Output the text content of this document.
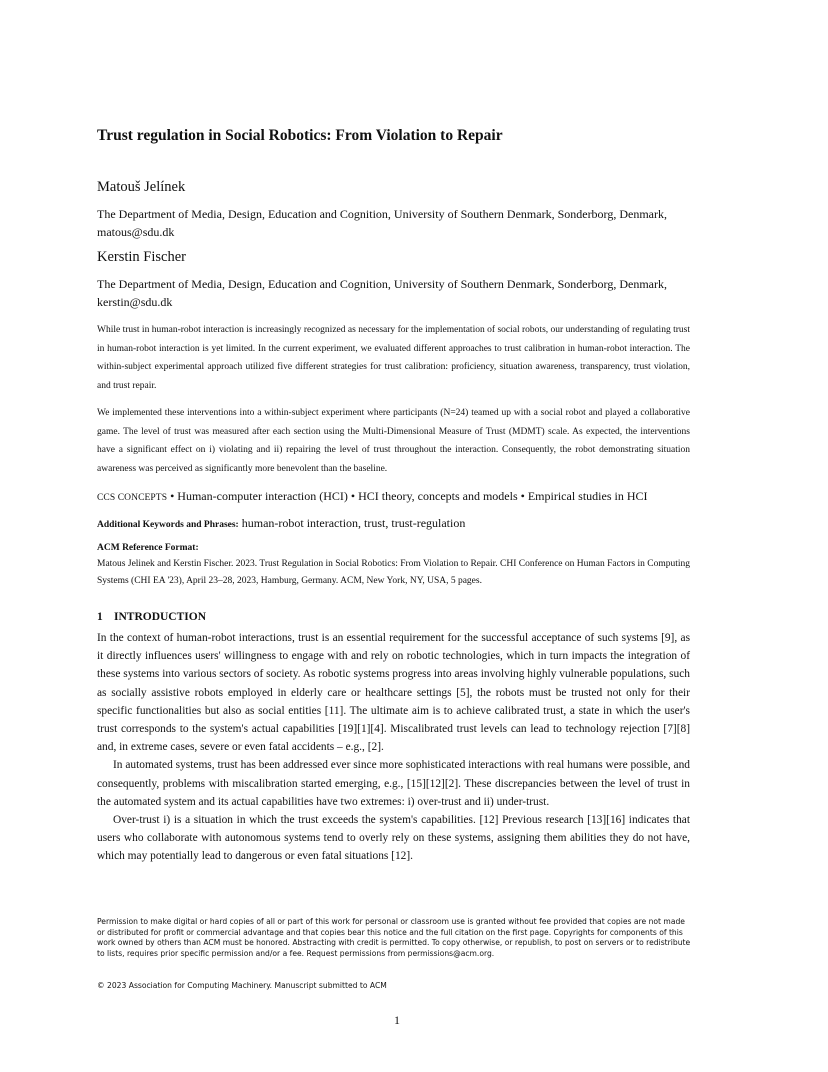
Trust regulation in Social Robotics: From Violation to Repair
Matouš Jelínek
The Department of Media, Design, Education and Cognition, University of Southern Denmark, Sonderborg, Denmark,
matous@sdu.dk
Kerstin Fischer
The Department of Media, Design, Education and Cognition, University of Southern Denmark, Sonderborg, Denmark,
kerstin@sdu.dk

While trust in human-robot interaction is increasingly recognized as necessary for the implementation of social robots, our understanding of regulating trust in human-robot interaction is yet limited. In the current experiment, we evaluated different approaches to trust calibration in human-robot interaction. The within-subject experimental approach utilized five different strategies for trust calibration: proficiency, situation awareness, transparency, trust violation, and trust repair.

We implemented these interventions into a within-subject experiment where participants (N=24) teamed up with a social robot and played a collaborative game. The level of trust was measured after each section using the Multi-Dimensional Measure of Trust (MDMT) scale. As expected, the interventions have a significant effect on i) violating and ii) repairing the level of trust throughout the interaction. Consequently, the robot demonstrating situation awareness was perceived as significantly more benevolent than the baseline.

CCS CONCEPTS • Human-computer interaction (HCI) • HCI theory, concepts and models • Empirical studies in HCI
Additional Keywords and Phrases: human-robot interaction, trust, trust-regulation
ACM Reference Format:
Matous Jelinek and Kerstin Fischer. 2023. Trust Regulation in Social Robotics: From Violation to Repair. CHI Conference on Human Factors in Computing Systems (CHI EA '23), April 23–28, 2023, Hamburg, Germany. ACM, New York, NY, USA, 5 pages.
1 INTRODUCTION

In the context of human-robot interactions, trust is an essential requirement for the successful acceptance of such systems [9], as it directly influences users' willingness to engage with and rely on robotic technologies, which in turn impacts the integration of these systems into various sectors of society. As robotic systems progress into areas involving highly vulnerable populations, such as socially assistive robots employed in elderly care or healthcare settings [5], the robots must be trusted not only for their specific functionalities but also as social entities [11]. The ultimate aim is to achieve calibrated trust, a state in which the user's trust corresponds to the system's actual capabilities [19][1][4]. Miscalibrated trust levels can lead to technology rejection [7][8] and, in extreme cases, severe or even fatal accidents – e.g., [2].

In automated systems, trust has been addressed ever since more sophisticated interactions with real humans were possible, and consequently, problems with miscalibration started emerging, e.g., [15][12][2]. These discrepancies between the level of trust in the automated system and its actual capabilities have two extremes: i) over-trust and ii) under-trust.

Over-trust i) is a situation in which the trust exceeds the system's capabilities. [12] Previous research [13][16] indicates that users who collaborate with autonomous systems tend to overly rely on these systems, assigning them abilities they do not have, which may potentially lead to dangerous or even fatal situations [12].

Permission to make digital or hard copies of all or part of this work for personal or classroom use is granted without fee provided that copies are not made or distributed for profit or commercial advantage and that copies bear this notice and the full citation on the first page. Copyrights for components of this work owned by others than ACM must be honored. Abstracting with credit is permitted. To copy otherwise, or republish, to post on servers or to redistribute to lists, requires prior specific permission and/or a fee. Request permissions from permissions@acm.org.
© 2023 Association for Computing Machinery. Manuscript submitted to ACM
1
